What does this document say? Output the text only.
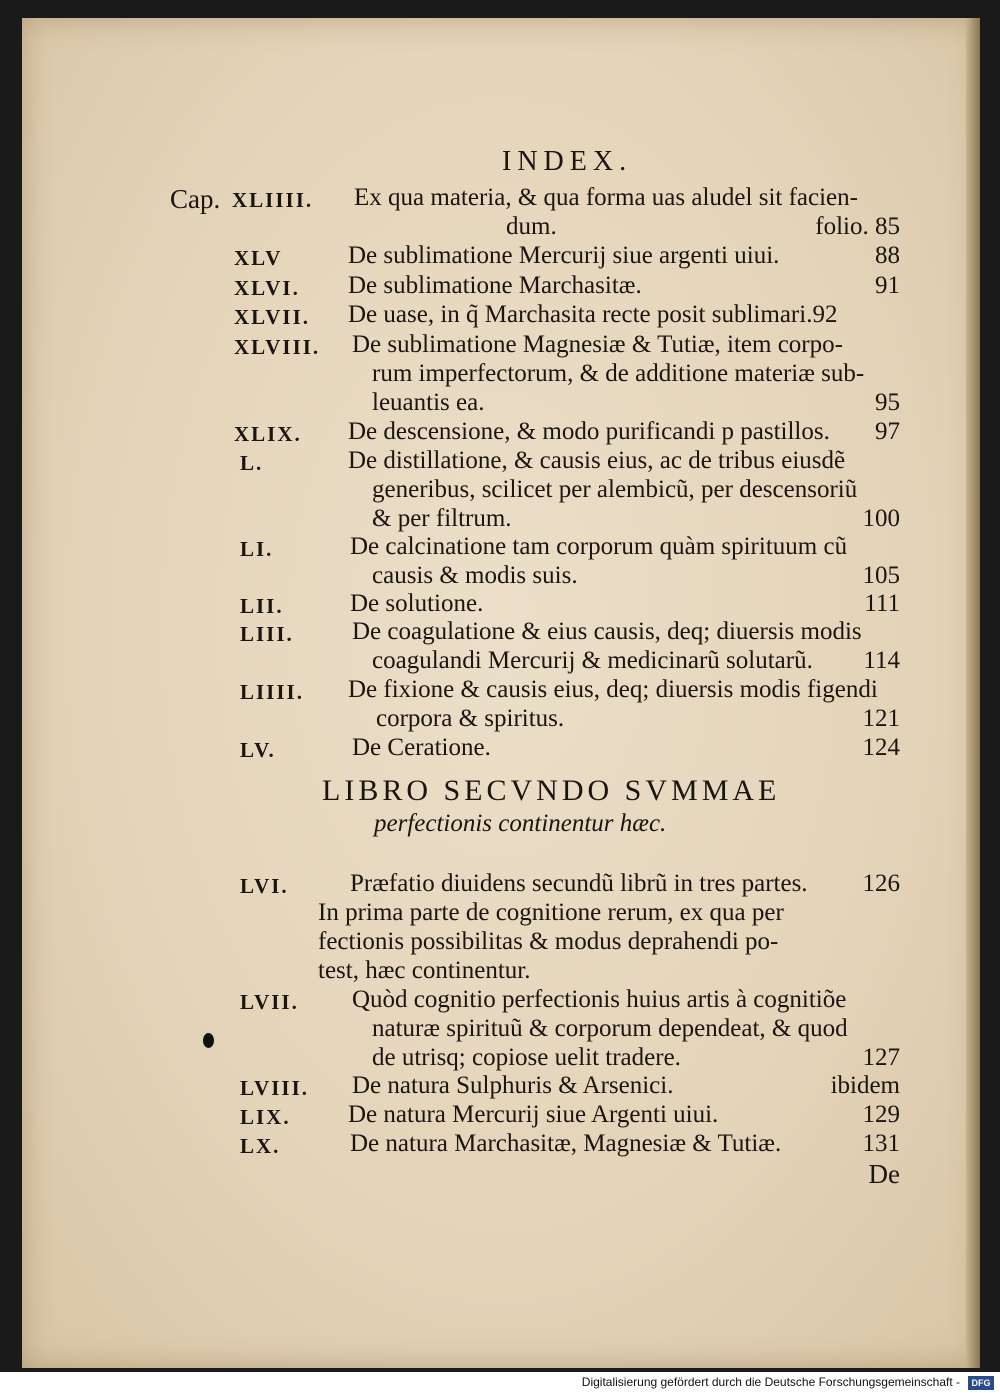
INDEX.
Cap. XLIIII. Ex qua materia, & qua forma uas aludel sit facien-
dum.	folio. 85
XLV	De sublimatione Mercurij siue argenti uiui.	88
XLVI. De sublimatione Marchasitæ.	91
XLVII. De uase, in q̃ Marchasita recte posit sublimari.92
XLVIII. De sublimatione Magnesiæ & Tutiæ, item corpo-
rum imperfectorum, & de additione materiæ sub-
leuantis ea.	95
XLIX. De descensione, & modo purificandi p pastillos. 97
L.	De distillatione, & causis eius, ac de tribus eiusdẽ
generibus, scilicet per alembicũ, per descensoriũ
& per filtrum.	100
LI.	De calcinatione tam corporum quàm spirituum cũ
causis & modis suis.	105
LII.	De solutione.	111
LIII. De coagulatione & eius causis, deq; diuersis modis
coagulandi Mercurij & medicinarũ solutarũ. 114
LIIII. De fixione & causis eius, deq; diuersis modis figendi
corpora & spiritus.	121
LV.	De Ceratione.	124
LIBRO SECVNDO SVMMAE
perfectionis continentur hæc.
LVI. Præfatio diuidens secundũ librũ in tres partes. 126
In prima parte de cognitione rerum, ex qua per
fectionis possibilitas & modus deprahendi po-
test, hæc continentur.
LVII. Quòd cognitio perfectionis huius artis à cognitiõe
naturæ spirituũ & corporum dependeat, & quod
de utrisq; copiose uelit tradere.	127
LVIII. De natura Sulphuris & Arsenici.	ibidem
LIX. De natura Mercurij siue Argenti uiui.	129
LX.	De natura Marchasitæ, Magnesiæ & Tutiæ.	131
De
Digitalisierung gefördert durch die Deutsche Forschungsgemeinschaft -	DFG
